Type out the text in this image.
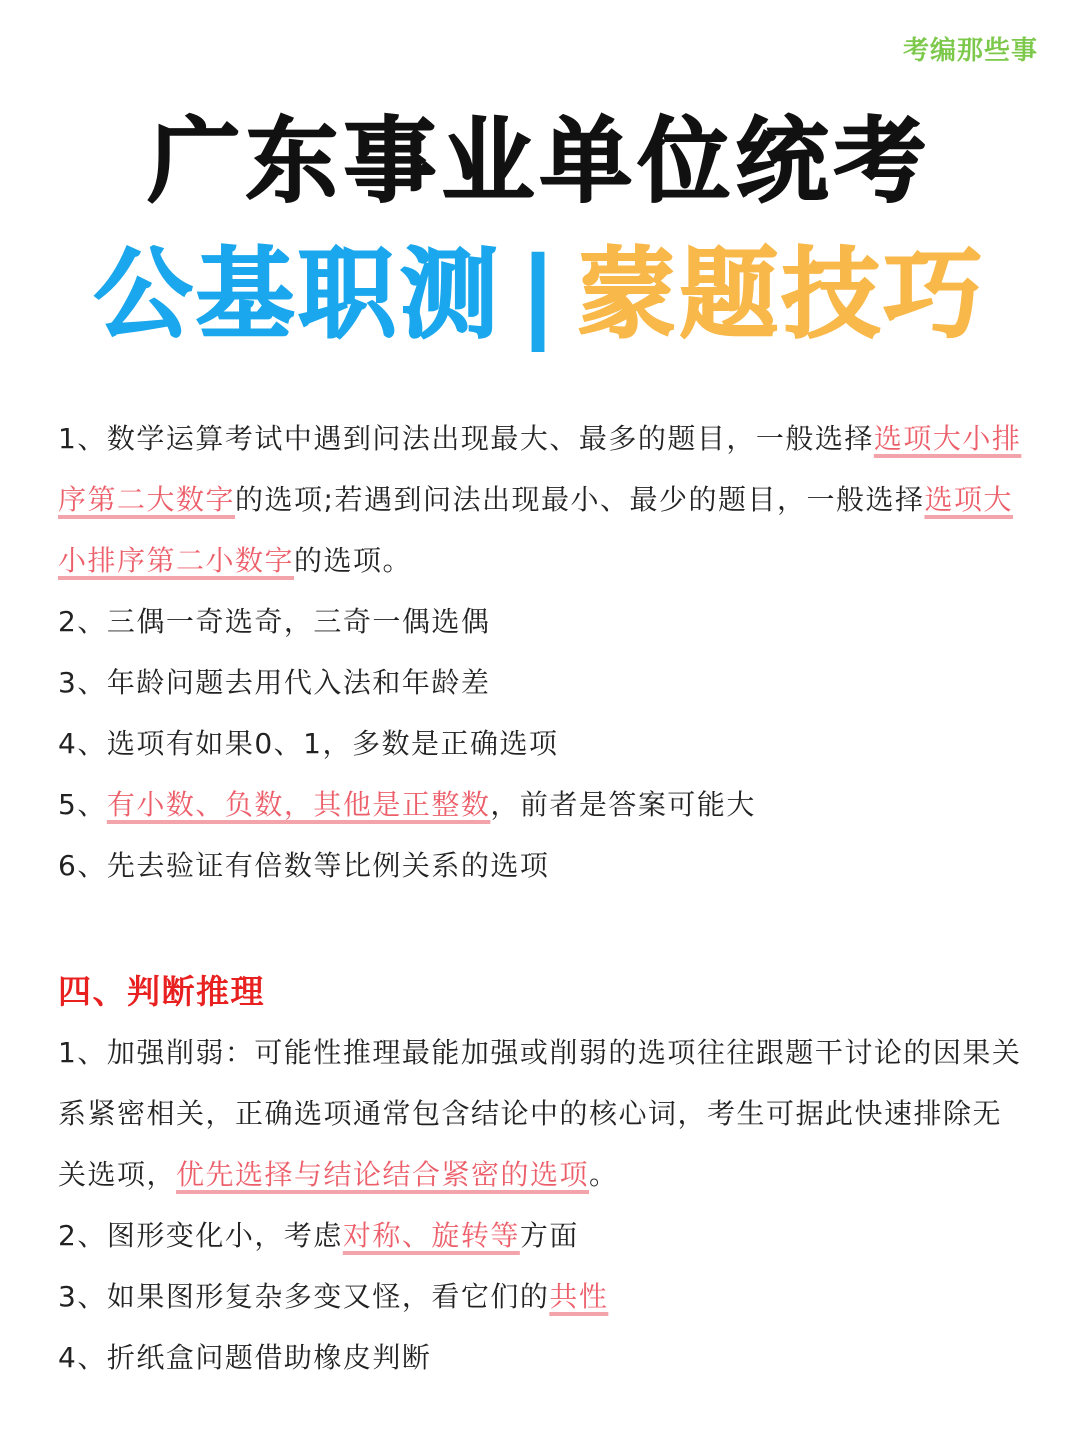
考编那些事
广东事业单位统考
公基职测 | 蒙题技巧

1、数学运算考试中遇到问法出现最大、最多的题目，一般选择选项大小排序第二大数字的选项;若遇到问法出现最小、最少的题目，一般选择选项大小排序第二小数字的选项。

2、三偶一奇选奇，三奇一偶选偶

3、年龄问题去用代入法和年龄差

4、选项有如果0、1，多数是正确选项

5、有小数、负数，其他是正整数，前者是答案可能大

6、先去验证有倍数等比例关系的选项

四、判断推理

1、加强削弱：可能性推理最能加强或削弱的选项往往跟题干讨论的因果关系紧密相关，正确选项通常包含结论中的核心词，考生可据此快速排除无关选项，优先选择与结论结合紧密的选项。

2、图形变化小，考虑对称、旋转等方面

3、如果图形复杂多变又怪，看它们的共性

4、折纸盒问题借助橡皮判断
